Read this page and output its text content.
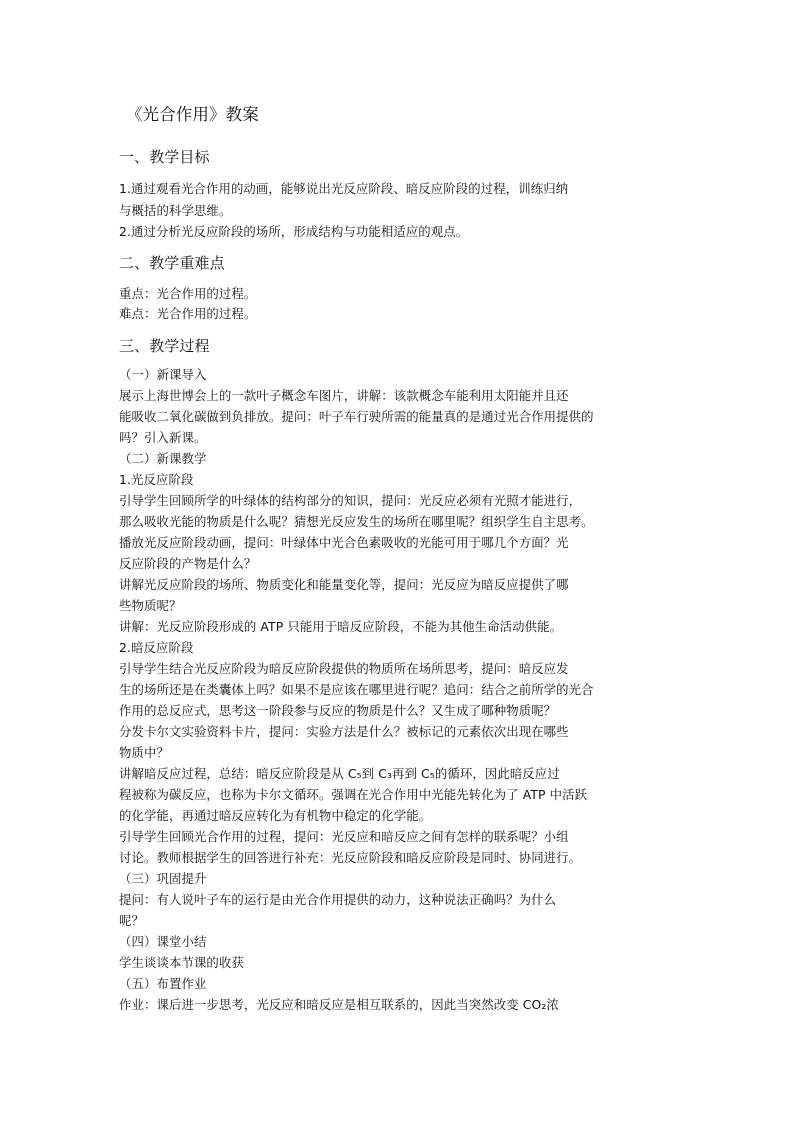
《光合作用》教案
一、教学目标
1.通过观看光合作用的动画，能够说出光反应阶段、暗反应阶段的过程，训练归纳
与概括的科学思维。
2.通过分析光反应阶段的场所，形成结构与功能相适应的观点。
二、教学重难点
重点：光合作用的过程。
难点：光合作用的过程。
三、教学过程
（一）新课导入
展示上海世博会上的一款叶子概念车图片，讲解：该款概念车能利用太阳能并且还
能吸收二氧化碳做到负排放。提问：叶子车行驶所需的能量真的是通过光合作用提供的
吗？引入新课。
（二）新课教学
1.光反应阶段
引导学生回顾所学的叶绿体的结构部分的知识，提问：光反应必须有光照才能进行，
那么吸收光能的物质是什么呢？猜想光反应发生的场所在哪里呢？组织学生自主思考。
播放光反应阶段动画，提问：叶绿体中光合色素吸收的光能可用于哪几个方面？光
反应阶段的产物是什么？
讲解光反应阶段的场所、物质变化和能量变化等，提问：光反应为暗反应提供了哪
些物质呢？
讲解：光反应阶段形成的 ATP 只能用于暗反应阶段，不能为其他生命活动供能。
2.暗反应阶段
引导学生结合光反应阶段为暗反应阶段提供的物质所在场所思考，提问：暗反应发
生的场所还是在类囊体上吗？如果不是应该在哪里进行呢？追问：结合之前所学的光合
作用的总反应式，思考这一阶段参与反应的物质是什么？又生成了哪种物质呢？
分发卡尔文实验资料卡片，提问：实验方法是什么？被标记的元素依次出现在哪些
物质中？
讲解暗反应过程，总结：暗反应阶段是从 C₅到 C₃再到 C₅的循环，因此暗反应过
程被称为碳反应，也称为卡尔文循环。强调在光合作用中光能先转化为了 ATP 中活跃
的化学能，再通过暗反应转化为有机物中稳定的化学能。
引导学生回顾光合作用的过程，提问：光反应和暗反应之间有怎样的联系呢？小组
讨论。教师根据学生的回答进行补充：光反应阶段和暗反应阶段是同时、协同进行。
（三）巩固提升
提问：有人说叶子车的运行是由光合作用提供的动力，这种说法正确吗？为什么
呢？
（四）课堂小结
学生谈谈本节课的收获
（五）布置作业
作业：课后进一步思考，光反应和暗反应是相互联系的，因此当突然改变 CO₂浓
